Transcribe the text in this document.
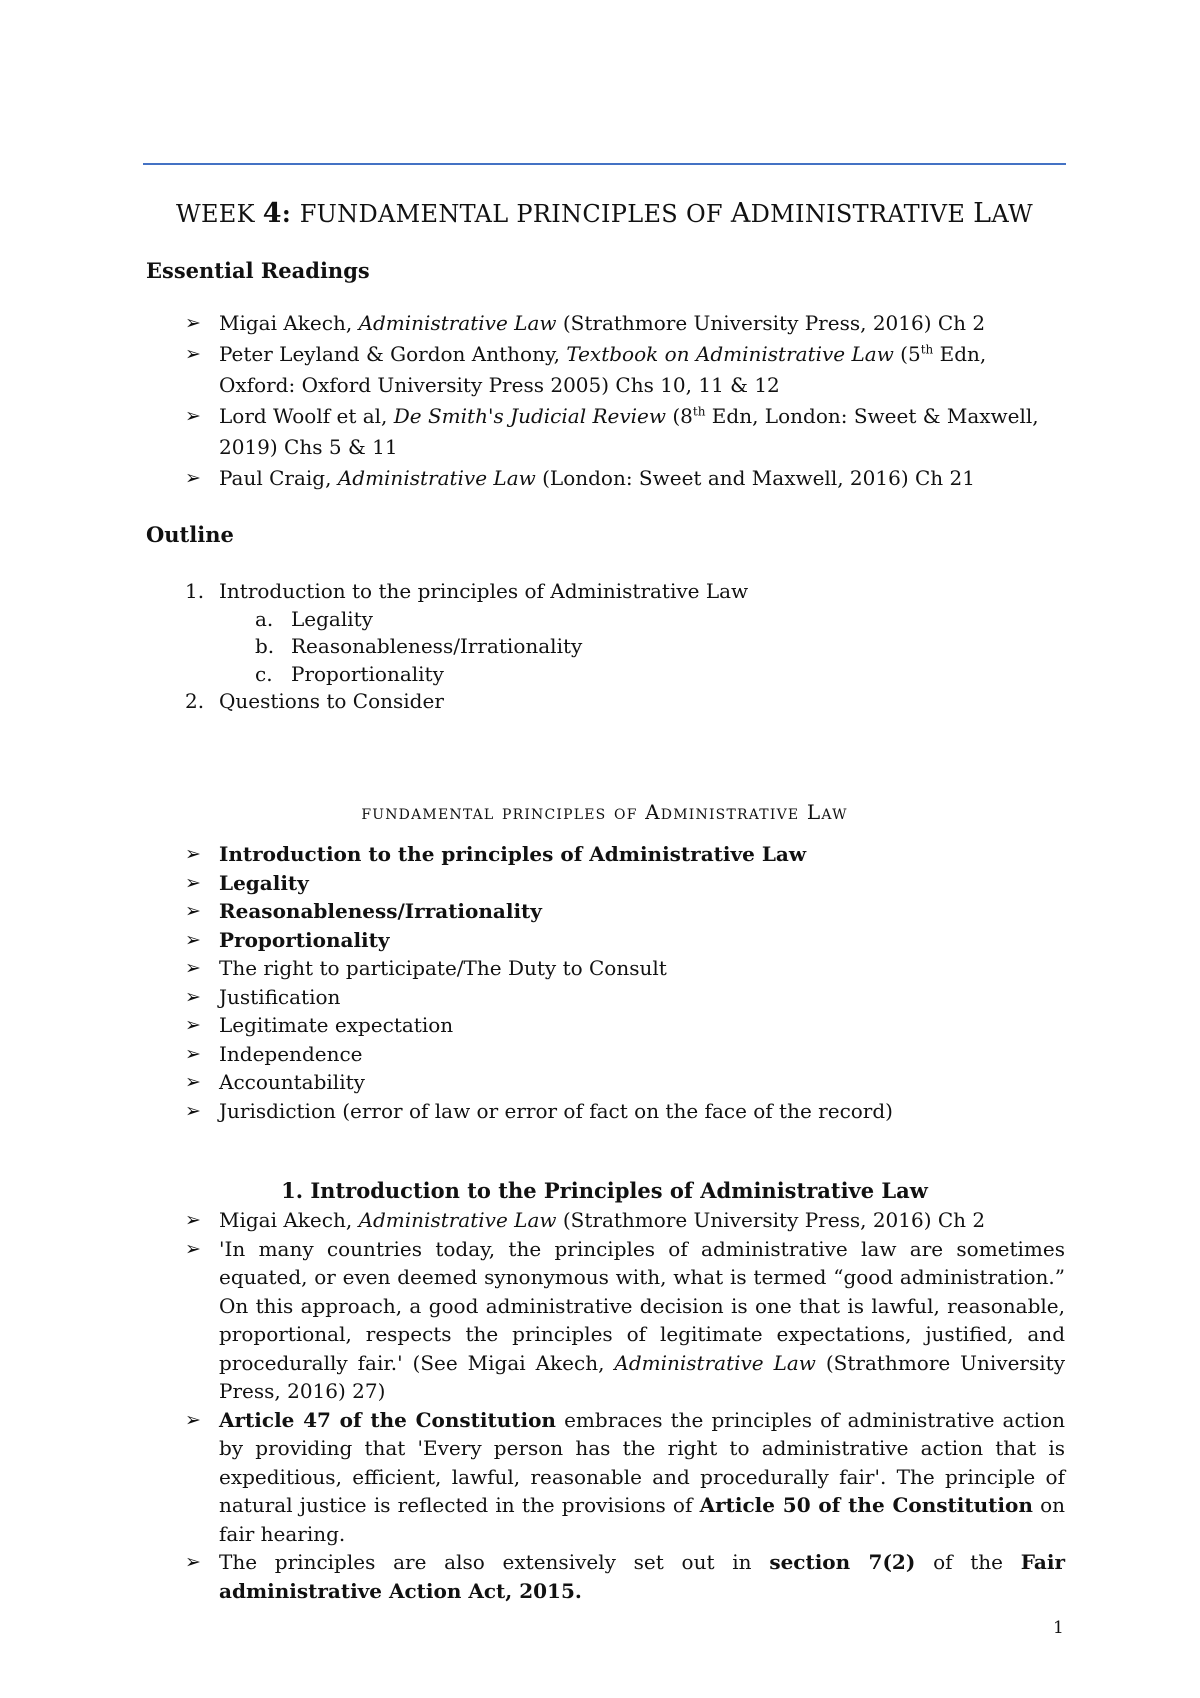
WEEK 4: FUNDAMENTAL PRINCIPLES OF ADMINISTRATIVE LAW
Essential Readings
➢ Migai Akech, Administrative Law (Strathmore University Press, 2016) Ch 2
➢ Peter Leyland & Gordon Anthony, Textbook on Administrative Law (5th Edn, Oxford: Oxford University Press 2005) Chs 10, 11 & 12
➢ Lord Woolf et al, De Smith's Judicial Review (8th Edn, London: Sweet & Maxwell, 2019) Chs 5 & 11
➢ Paul Craig, Administrative Law (London: Sweet and Maxwell, 2016) Ch 21
Outline
1. Introduction to the principles of Administrative Law
a. Legality
b. Reasonableness/Irrationality
c. Proportionality
2. Questions to Consider
fundamental principles of Administrative Law
➢ Introduction to the principles of Administrative Law
➢ Legality
➢ Reasonableness/Irrationality
➢ Proportionality
➢ The right to participate/The Duty to Consult
➢ Justification
➢ Legitimate expectation
➢ Independence
➢ Accountability
➢ Jurisdiction (error of law or error of fact on the face of the record)
1. Introduction to the Principles of Administrative Law
➢ Migai Akech, Administrative Law (Strathmore University Press, 2016) Ch 2
➢ 'In many countries today, the principles of administrative law are sometimes equated, or even deemed synonymous with, what is termed “good administration.” On this approach, a good administrative decision is one that is lawful, reasonable, proportional, respects the principles of legitimate expectations, justified, and procedurally fair.' (See Migai Akech, Administrative Law (Strathmore University Press, 2016) 27)
➢ Article 47 of the Constitution embraces the principles of administrative action by providing that 'Every person has the right to administrative action that is expeditious, efficient, lawful, reasonable and procedurally fair'. The principle of natural justice is reflected in the provisions of Article 50 of the Constitution on fair hearing.
➢ The principles are also extensively set out in section 7(2) of the Fair administrative Action Act, 2015.
1
